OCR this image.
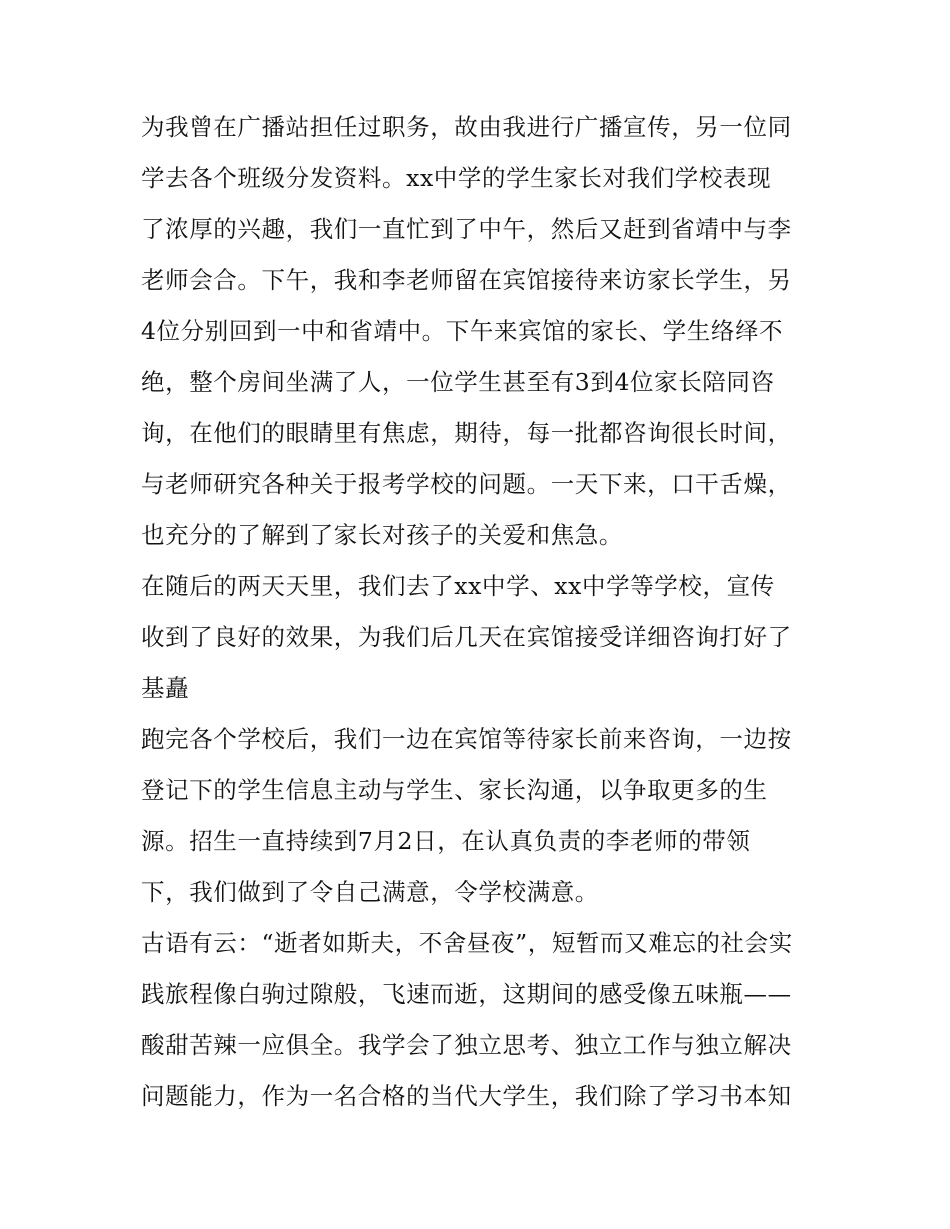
为我曾在广播站担任过职务，故由我进行广播宣传，另一位同
学去各个班级分发资料。xx中学的学生家长对我们学校表现
了浓厚的兴趣，我们一直忙到了中午，然后又赶到省靖中与李
老师会合。下午，我和李老师留在宾馆接待来访家长学生，另
4位分别回到一中和省靖中。下午来宾馆的家长、学生络绎不
绝，整个房间坐满了人，一位学生甚至有3到4位家长陪同咨
询，在他们的眼睛里有焦虑，期待，每一批都咨询很长时间，
与老师研究各种关于报考学校的问题。一天下来，口干舌燥，
也充分的了解到了家长对孩子的关爱和焦急。
在随后的两天天里，我们去了xx中学、xx中学等学校，宣传
收到了良好的效果，为我们后几天在宾馆接受详细咨询打好了
基矗
跑完各个学校后，我们一边在宾馆等待家长前来咨询，一边按
登记下的学生信息主动与学生、家长沟通，以争取更多的生
源。招生一直持续到7月2日，在认真负责的李老师的带领
下，我们做到了令自己满意，令学校满意。
古语有云：“逝者如斯夫，不舍昼夜”，短暂而又难忘的社会实
践旅程像白驹过隙般，飞速而逝，这期间的感受像五味瓶——
酸甜苦辣一应俱全。我学会了独立思考、独立工作与独立解决
问题能力，作为一名合格的当代大学生，我们除了学习书本知
